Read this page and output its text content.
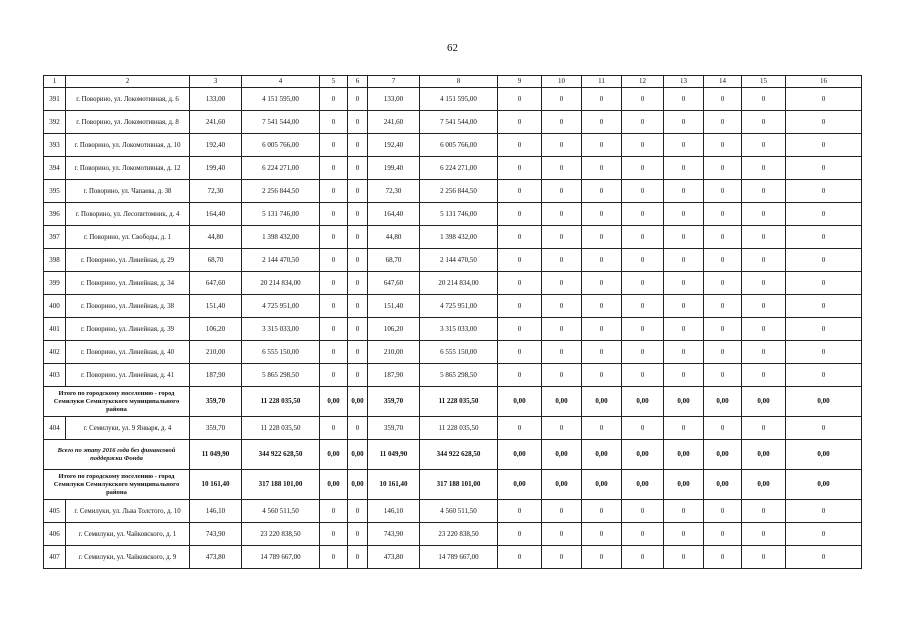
62
1	2	3	4	5	6	7	8	9	10	11	12	13	14	15	16
391	г. Поворино, ул. Локомотивная, д. 6	133,00	4 151 595,00	0	0	133,00	4 151 595,00	0	0	0	0	0	0	0	0
392	г. Поворино, ул. Локомотивная, д. 8	241,60	7 541 544,00	0	0	241,60	7 541 544,00	0	0	0	0	0	0	0	0
393	г. Поворино, ул. Локомотивная, д. 10	192,40	6 005 766,00	0	0	192,40	6 005 766,00	0	0	0	0	0	0	0	0
394	г. Поворино, ул. Локомотивная, д. 12	199,40	6 224 271,00	0	0	199,40	6 224 271,00	0	0	0	0	0	0	0	0
395	г. Поворино, ул. Чапаева, д. 38	72,30	2 256 844,50	0	0	72,30	2 256 844,50	0	0	0	0	0	0	0	0
396	г. Поворино, ул. Лесопитомник, д. 4	164,40	5 131 746,00	0	0	164,40	5 131 746,00	0	0	0	0	0	0	0	0
397	г. Поворино, ул. Свободы, д. 1	44,80	1 398 432,00	0	0	44,80	1 398 432,00	0	0	0	0	0	0	0	0
398	г. Поворино, ул. Линейная, д. 29	68,70	2 144 470,50	0	0	68,70	2 144 470,50	0	0	0	0	0	0	0	0
399	г. Поворино, ул. Линейная, д. 34	647,60	20 214 834,00	0	0	647,60	20 214 834,00	0	0	0	0	0	0	0	0
400	г. Поворино, ул. Линейная, д. 38	151,40	4 725 951,00	0	0	151,40	4 725 951,00	0	0	0	0	0	0	0	0
401	г. Поворино, ул. Линейная, д. 39	106,20	3 315 033,00	0	0	106,20	3 315 033,00	0	0	0	0	0	0	0	0
402	г. Поворино, ул. Линейная, д. 40	210,00	6 555 150,00	0	0	210,00	6 555 150,00	0	0	0	0	0	0	0	0
403	г. Поворино, ул. Линейная, д. 41	187,90	5 865 298,50	0	0	187,90	5 865 298,50	0	0	0	0	0	0	0	0
Итого по городскому поселению - город Семилуки Семилукского муниципального района		359,70	11 228 035,50	0,00	0,00	359,70	11 228 035,50	0,00	0,00	0,00	0,00	0,00	0,00	0,00	0,00
404	г. Семилуки, ул. 9 Января, д. 4	359,70	11 228 035,50	0	0	359,70	11 228 035,50	0	0	0	0	0	0	0	0
Всего по этапу 2016 года без финансовой поддержки Фонда		11 049,90	344 922 628,50	0,00	0,00	11 049,90	344 922 628,50	0,00	0,00	0,00	0,00	0,00	0,00	0,00	0,00
Итого по городскому поселению - город Семилуки Семилукского муниципального района		10 161,40	317 188 101,00	0,00	0,00	10 161,40	317 188 101,00	0,00	0,00	0,00	0,00	0,00	0,00	0,00	0,00
405	г. Семилуки, ул. Льва Толстого, д. 10	146,10	4 560 511,50	0	0	146,10	4 560 511,50	0	0	0	0	0	0	0	0
406	г. Семилуки, ул. Чайковского, д. 1	743,90	23 220 838,50	0	0	743,90	23 220 838,50	0	0	0	0	0	0	0	0
407	г. Семилуки, ул. Чайковского, д. 9	473,80	14 789 667,00	0	0	473,80	14 789 667,00	0	0	0	0	0	0	0	0
